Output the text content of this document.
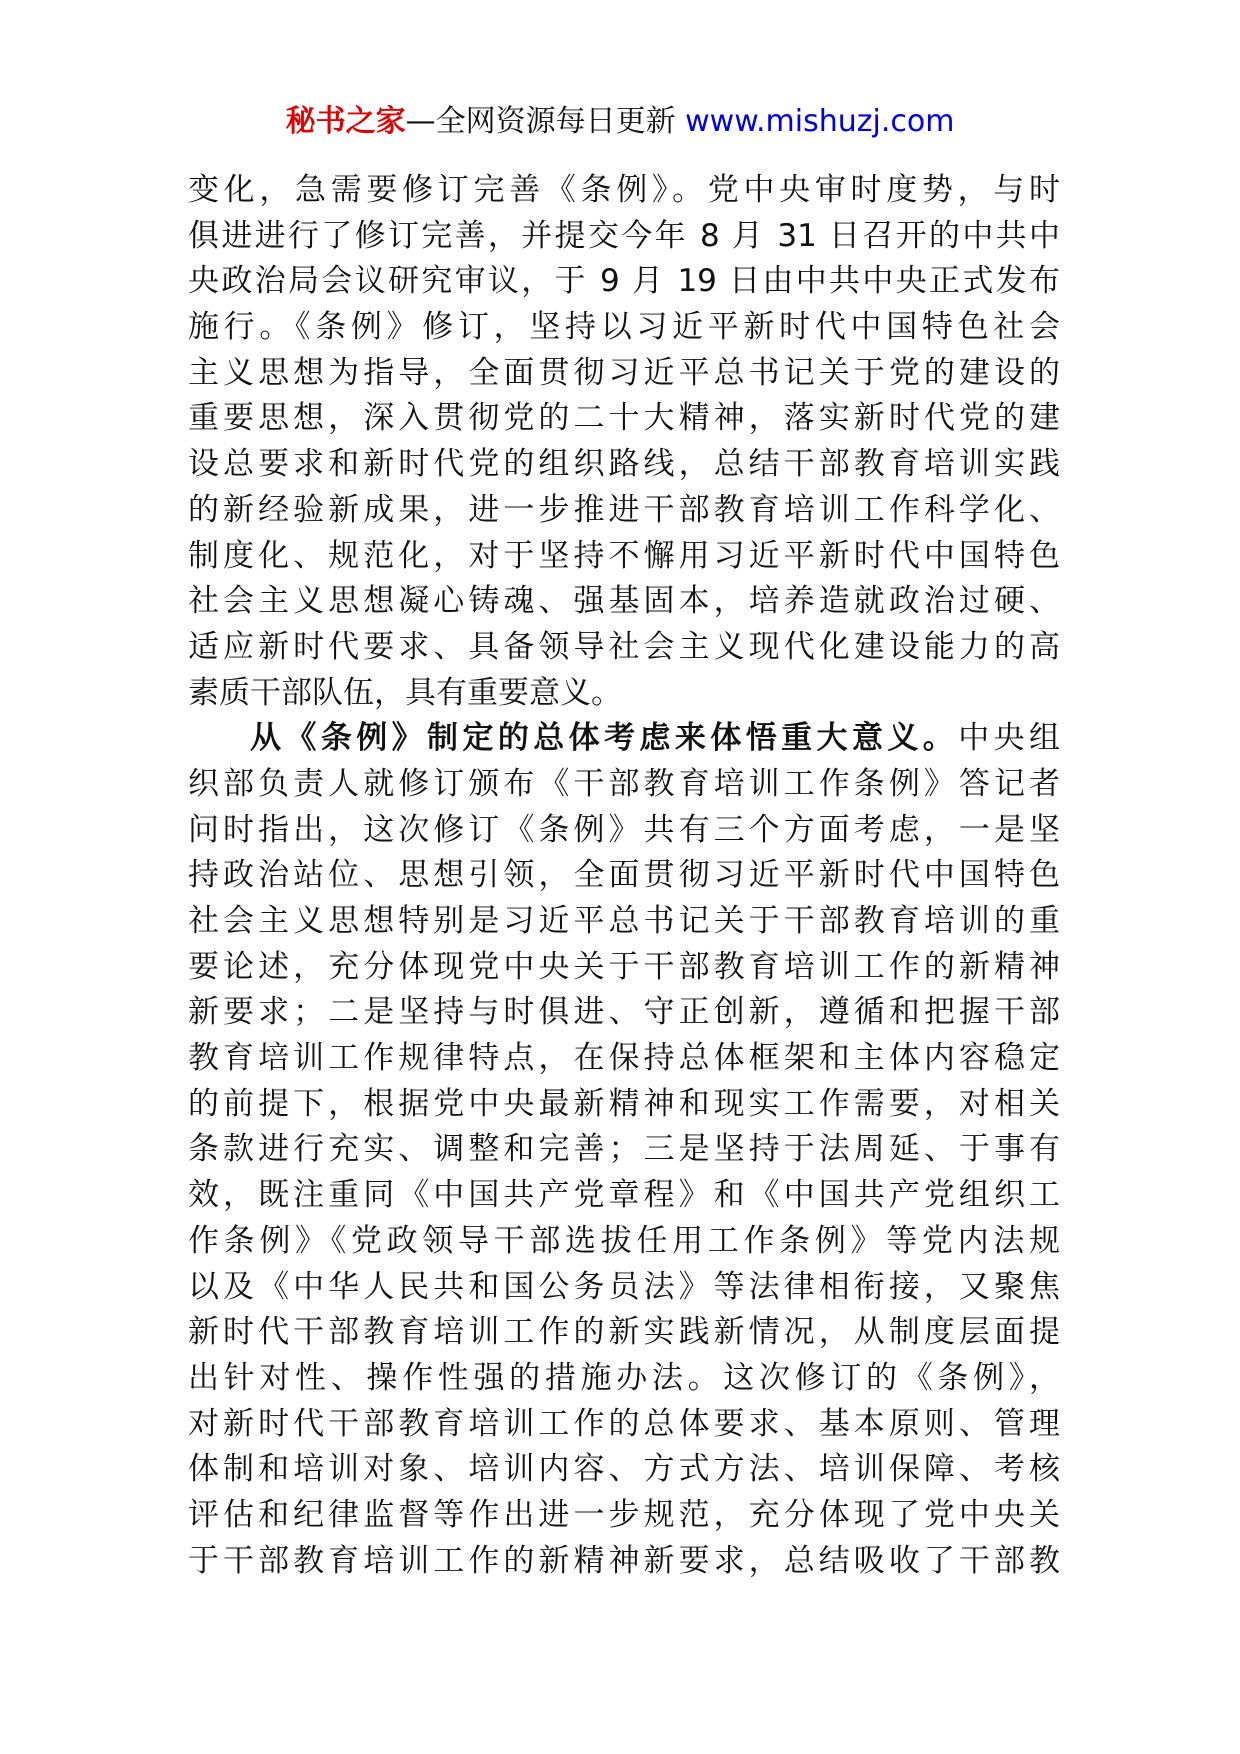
秘书之家—全网资源每日更新 www.mishuzj.com
变化，急需要修订完善《条例》。党中央审时度势，与时
俱进进行了修订完善，并提交今年 8 月 31 日召开的中共中
央政治局会议研究审议，于 9 月 19 日由中共中央正式发布
施行。《条例》修订，坚持以习近平新时代中国特色社会
主义思想为指导，全面贯彻习近平总书记关于党的建设的
重要思想，深入贯彻党的二十大精神，落实新时代党的建
设总要求和新时代党的组织路线，总结干部教育培训实践
的新经验新成果，进一步推进干部教育培训工作科学化、
制度化、规范化，对于坚持不懈用习近平新时代中国特色
社会主义思想凝心铸魂、强基固本，培养造就政治过硬、
适应新时代要求、具备领导社会主义现代化建设能力的高
素质干部队伍，具有重要意义。
从《条例》制定的总体考虑来体悟重大意义。中央组
织部负责人就修订颁布《干部教育培训工作条例》答记者
问时指出，这次修订《条例》共有三个方面考虑，一是坚
持政治站位、思想引领，全面贯彻习近平新时代中国特色
社会主义思想特别是习近平总书记关于干部教育培训的重
要论述，充分体现党中央关于干部教育培训工作的新精神
新要求；二是坚持与时俱进、守正创新，遵循和把握干部
教育培训工作规律特点，在保持总体框架和主体内容稳定
的前提下，根据党中央最新精神和现实工作需要，对相关
条款进行充实、调整和完善；三是坚持于法周延、于事有
效，既注重同《中国共产党章程》和《中国共产党组织工
作条例》《党政领导干部选拔任用工作条例》等党内法规
以及《中华人民共和国公务员法》等法律相衔接，又聚焦
新时代干部教育培训工作的新实践新情况，从制度层面提
出针对性、操作性强的措施办法。这次修订的《条例》，
对新时代干部教育培训工作的总体要求、基本原则、管理
体制和培训对象、培训内容、方式方法、培训保障、考核
评估和纪律监督等作出进一步规范，充分体现了党中央关
于干部教育培训工作的新精神新要求，总结吸收了干部教
